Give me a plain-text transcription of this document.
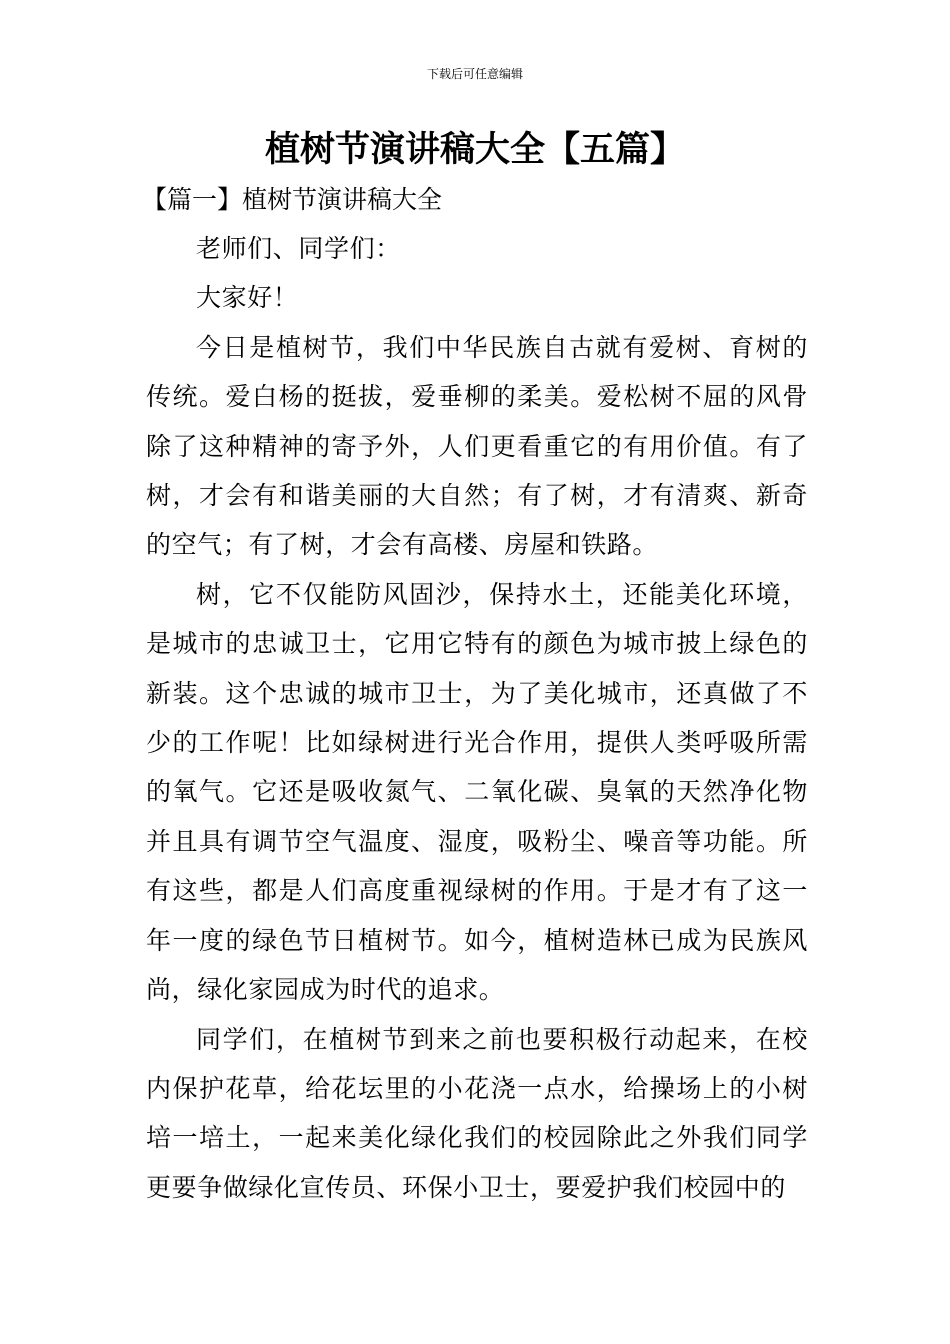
下载后可任意编辑
植树节演讲稿大全【五篇】

【篇一】植树节演讲稿大全

老师们、同学们：

大家好！

今日是植树节，我们中华民族自古就有爱树、育树的传统。爱白杨的挺拔，爱垂柳的柔美。爱松树不屈的风骨除了这种精神的寄予外，人们更看重它的有用价值。有了树，才会有和谐美丽的大自然；有了树，才有清爽、新奇的空气；有了树，才会有高楼、房屋和铁路。

树，它不仅能防风固沙，保持水土，还能美化环境，是城市的忠诚卫士，它用它特有的颜色为城市披上绿色的新装。这个忠诚的城市卫士，为了美化城市，还真做了不少的工作呢！比如绿树进行光合作用，提供人类呼吸所需的氧气。它还是吸收氮气、二氧化碳、臭氧的天然净化物并且具有调节空气温度、湿度，吸粉尘、噪音等功能。所有这些，都是人们高度重视绿树的作用。于是才有了这一年一度的绿色节日植树节。如今，植树造林已成为民族风尚，绿化家园成为时代的追求。

同学们，在植树节到来之前也要积极行动起来，在校内保护花草，给花坛里的小花浇一点水，给操场上的小树培一培土，一起来美化绿化我们的校园除此之外我们同学更要争做绿化宣传员、环保小卫士，要爱护我们校园中的
